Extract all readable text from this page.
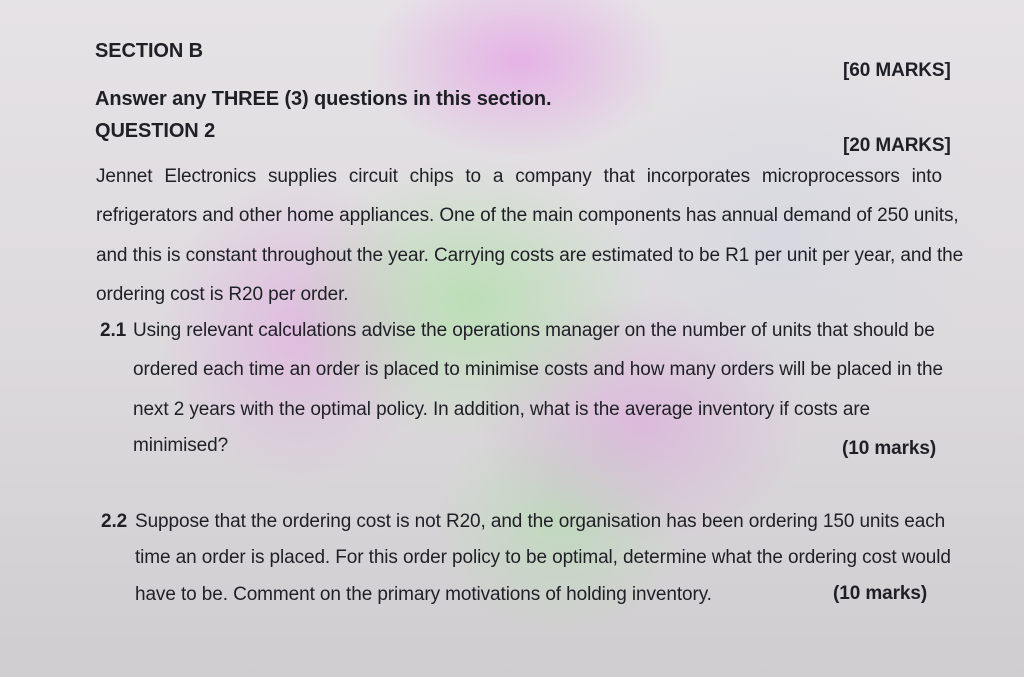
SECTION B
[60 MARKS]
Answer any THREE (3) questions in this section.
QUESTION 2
[20 MARKS]
Jennet Electronics supplies circuit chips to a company that incorporates microprocessors into
refrigerators and other home appliances. One of the main components has annual demand of 250 units,
and this is constant throughout the year. Carrying costs are estimated to be R1 per unit per year, and the
ordering cost is R20 per order.
2.1 Using relevant calculations advise the operations manager on the number of units that should be
ordered each time an order is placed to minimise costs and how many orders will be placed in the
next 2 years with the optimal policy. In addition, what is the average inventory if costs are
minimised?	(10 marks)
2.2 Suppose that the ordering cost is not R20, and the organisation has been ordering 150 units each
time an order is placed. For this order policy to be optimal, determine what the ordering cost would
have to be. Comment on the primary motivations of holding inventory.	(10 marks)
